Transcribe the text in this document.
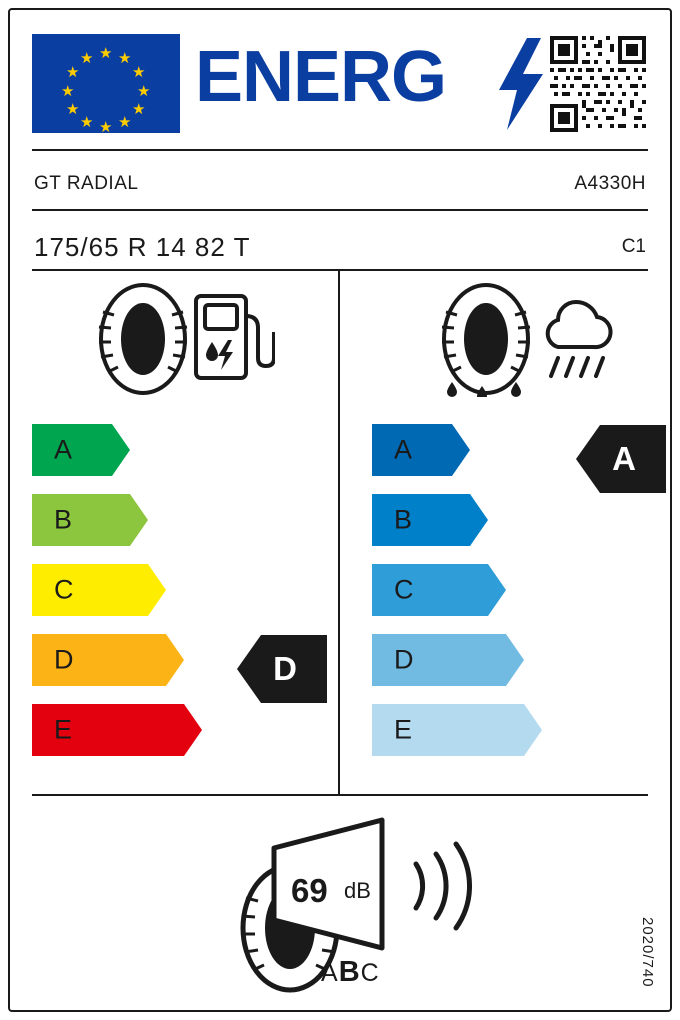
★
★ ★
★	★
★	★
★	★
★ ★
★
ENERG
GT RADIAL	A4330H
175/65 R 14 82 T	C1
A
B
C
D
E
D
A
B
C
D
E
A
69 dB
ABC	2020/740
